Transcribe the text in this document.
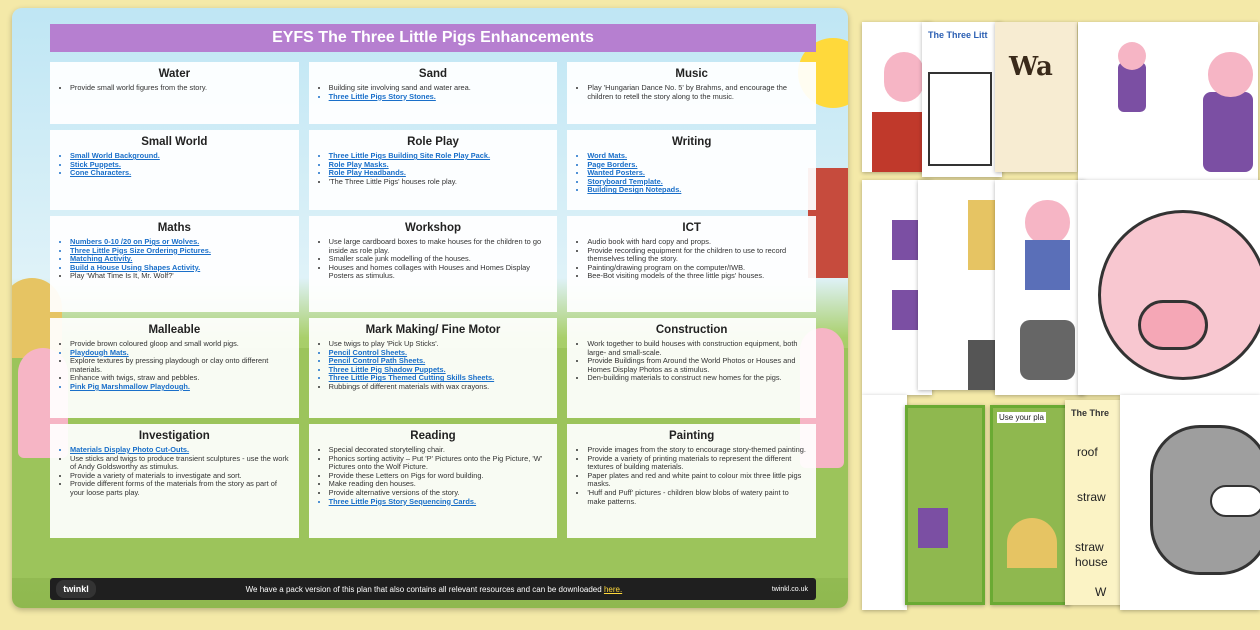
EYFS The Three Little Pigs Enhancements
Water
• Provide small world figures from the story.
Sand
• Building site involving sand and water area.
• Three Little Pigs Story Stones.
Music
• Play 'Hungarian Dance No. 5' by Brahms, and encourage the children to retell the story along to the music.
Small World
• Small World Background.
• Stick Puppets.
• Cone Characters.
Role Play
• Three Little Pigs Building Site Role Play Pack.
• Role Play Masks.
• Role Play Headbands.
• 'The Three Little Pigs' houses role play.
Writing
• Word Mats.
• Page Borders.
• Wanted Posters.
• Storyboard Template.
• Building Design Notepads.
Maths
• Numbers 0-10 /20 on Pigs or Wolves.
• Three Little Pigs Size Ordering Pictures.
• Matching Activity.
• Build a House Using Shapes Activity.
• Play 'What Time Is It, Mr. Wolf?'
Workshop
• Use large cardboard boxes to make houses for the children to go inside as role play.
• Smaller scale junk modelling of the houses.
• Houses and homes collages with Houses and Homes Display Posters as stimulus.
ICT
• Audio book with hard copy and props.
• Provide recording equipment for the children to use to record themselves telling the story.
• Painting/drawing program on the computer/IWB.
• Bee-Bot visiting models of the three little pigs' houses.
Malleable
• Provide brown coloured gloop and small world pigs.
• Playdough Mats.
• Explore textures by pressing playdough or clay onto different materials.
• Enhance with twigs, straw and pebbles.
• Pink Pig Marshmallow Playdough.
Mark Making/ Fine Motor
• Use twigs to play 'Pick Up Sticks'.
• Pencil Control Sheets.
• Pencil Control Path Sheets.
• Three Little Pig Shadow Puppets.
• Three Little Pigs Themed Cutting Skills Sheets.
• Rubbings of different materials with wax crayons.
Construction
• Work together to build houses with construction equipment, both large- and small-scale.
• Provide Buildings from Around the World Photos or Houses and Homes Display Photos as a stimulus.
• Den-building materials to construct new homes for the pigs.
Investigation
• Materials Display Photo Cut-Outs.
• Use sticks and twigs to produce transient sculptures - use the work of Andy Goldsworthy as stimulus.
• Provide a variety of materials to investigate and sort.
• Provide different forms of the materials from the story as part of your loose parts play.
Reading
• Special decorated storytelling chair.
• Phonics sorting activity – Put 'P' Pictures onto the Pig Picture, 'W' Pictures onto the Wolf Picture.
• Provide these Letters on Pigs for word building.
• Make reading den houses.
• Provide alternative versions of the story.
• Three Little Pigs Story Sequencing Cards.
Painting
• Provide images from the story to encourage story-themed painting.
• Provide a variety of printing materials to represent the different textures of building materials.
• Paper plates and red and white paint to colour mix three little pigs masks.
• 'Huff and Puff' pictures - children blow blobs of watery paint to make patterns.
twinkl	We have a pack version of this plan that also contains all relevant resources and can be downloaded here.	twinkl.co.uk
The Three Litt
Wa
Use your pla	The Thre
roof
straw
straw
house
W
